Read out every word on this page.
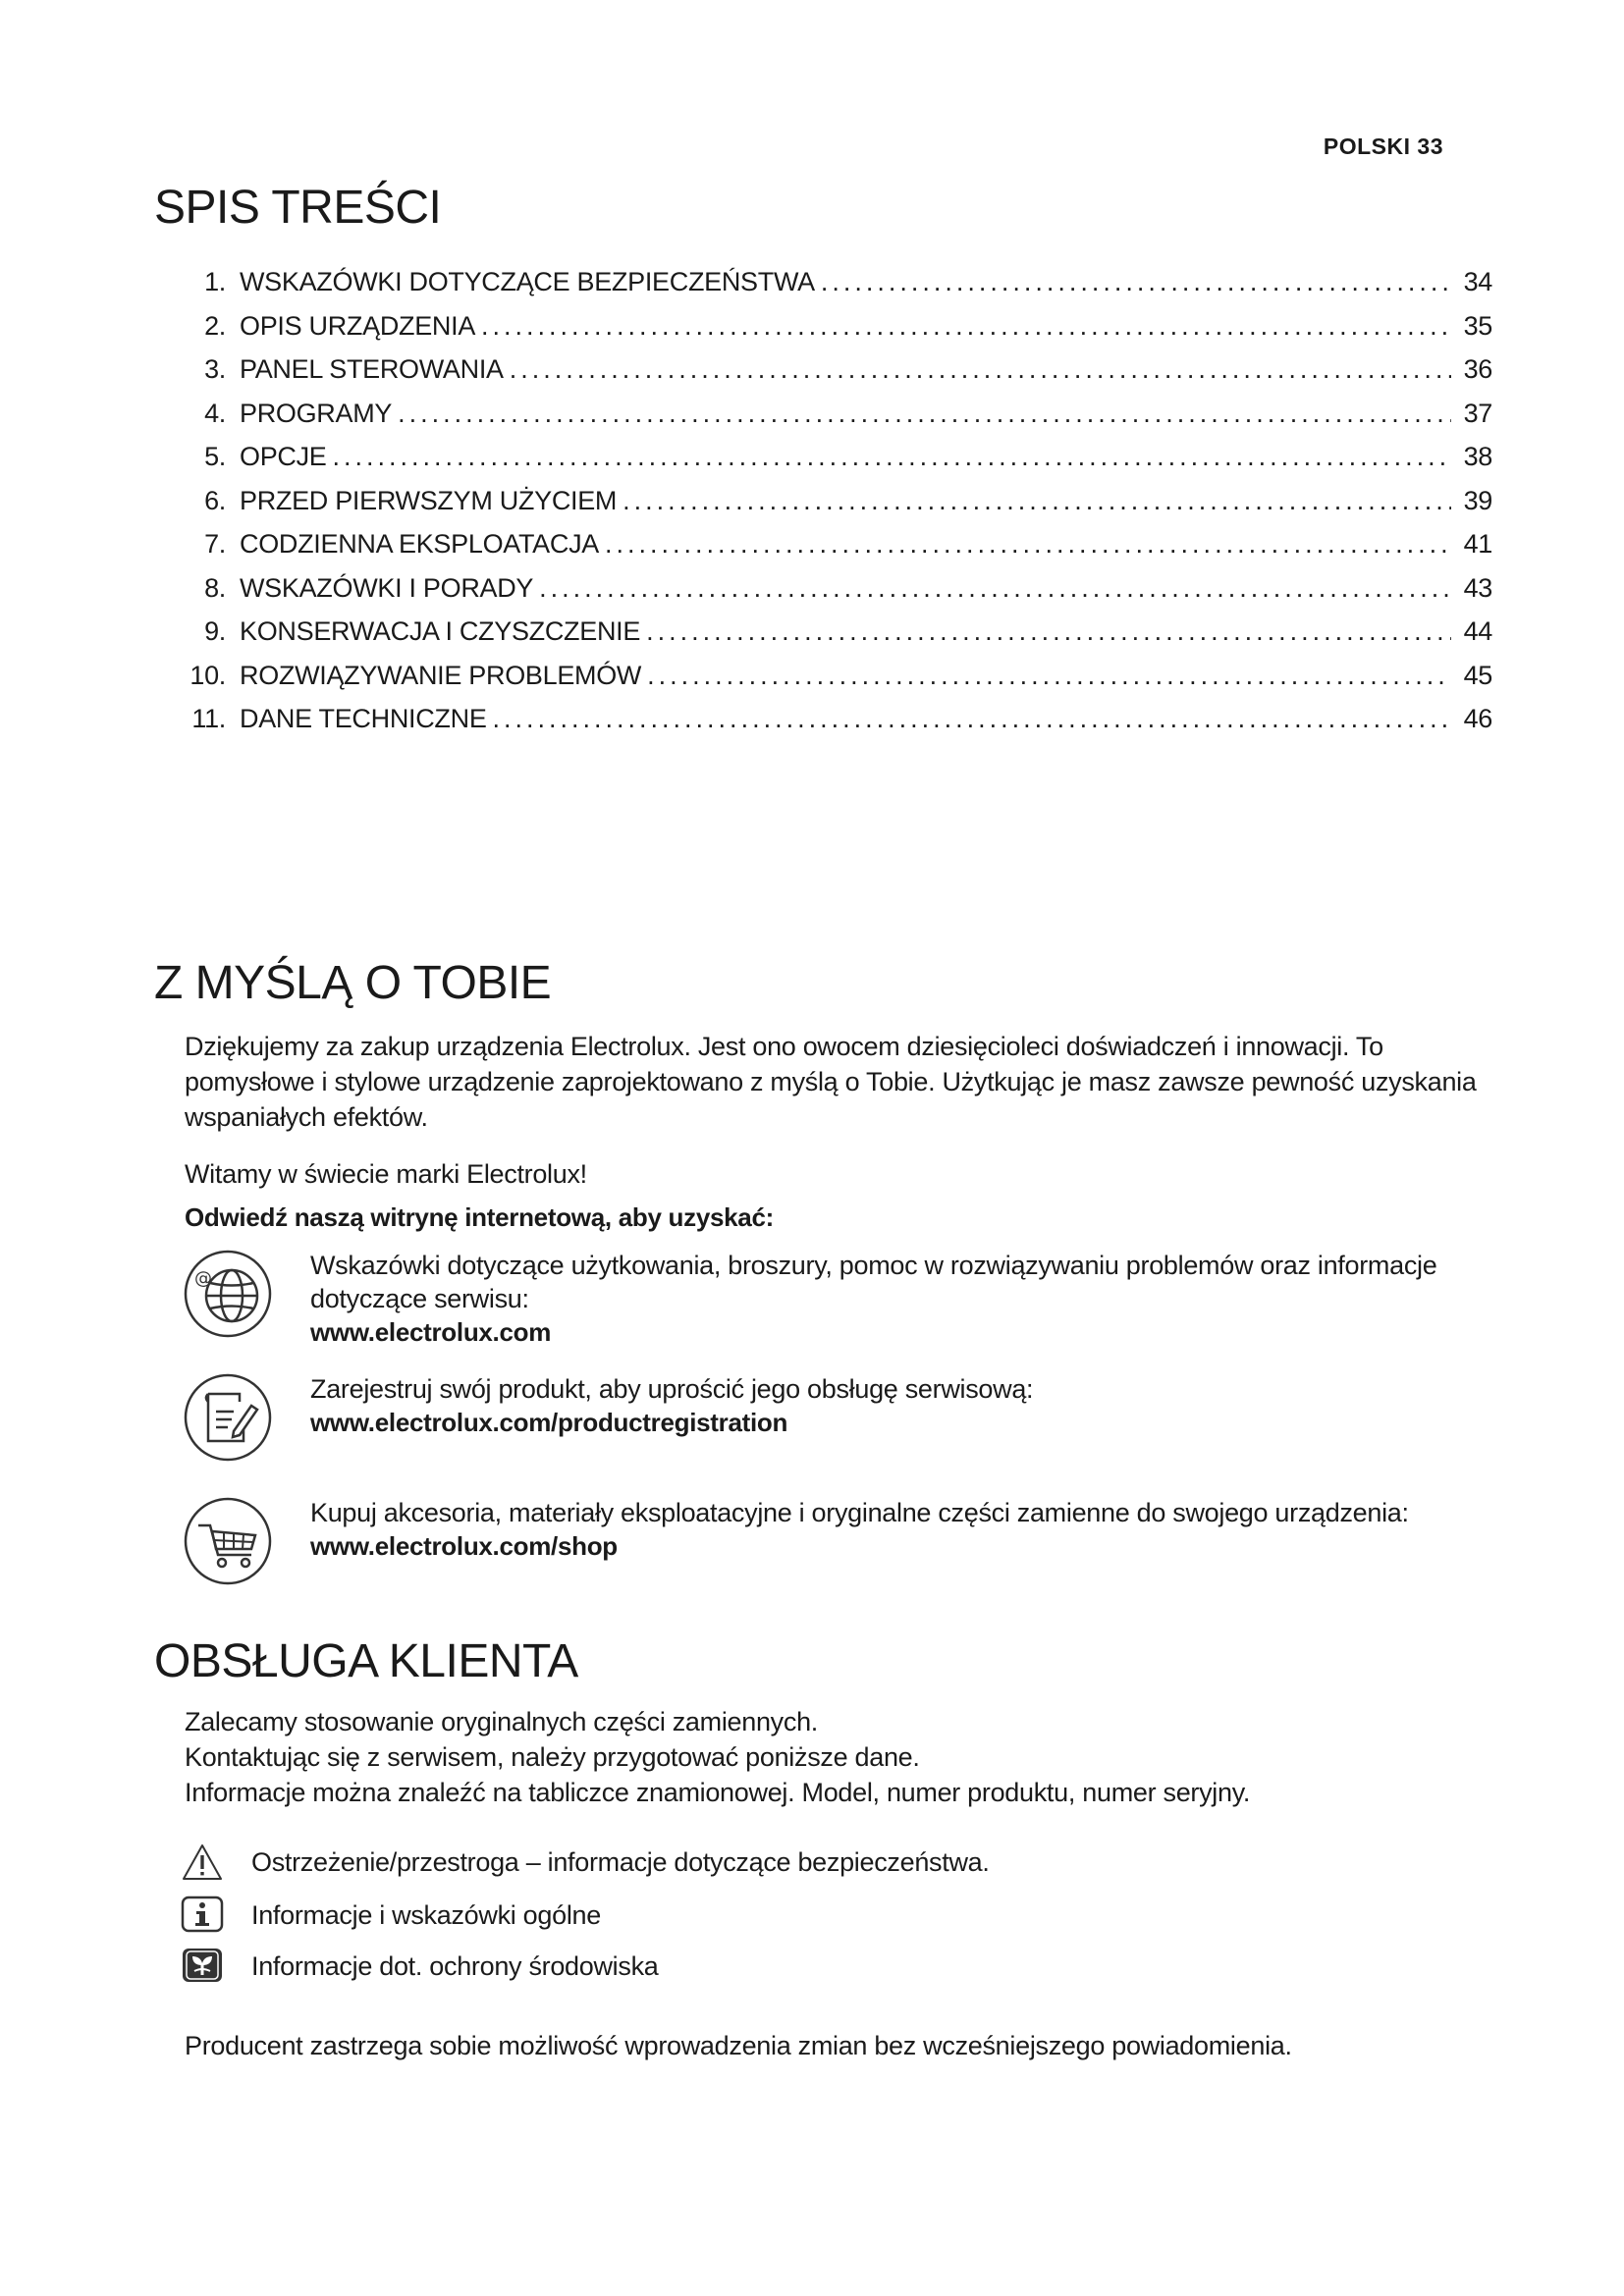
POLSKI 33
SPIS TREŚCI
1. WSKAZÓWKI DOTYCZĄCE BEZPIECZEŃSTWA .....	34
2. OPIS URZĄDZENIA .....	35
3. PANEL STEROWANIA .....	36
4. PROGRAMY .....	37
5. OPCJE .....	38
6. PRZED PIERWSZYM UŻYCIEM .....	39
7. CODZIENNA EKSPLOATACJA .....	41
8. WSKAZÓWKI I PORADY .....	43
9. KONSERWACJA I CZYSZCZENIE .....	44
10. ROZWIĄZYWANIE PROBLEMÓW .....	45
11. DANE TECHNICZNE .....	46
Z MYŚLĄ O TOBIE
Dziękujemy za zakup urządzenia Electrolux. Jest ono owocem dziesięcioleci doświadczeń i innowacji. To pomysłowe i stylowe urządzenie zaprojektowano z myślą o Tobie. Użytkując je masz zawsze pewność uzyskania wspaniałych efektów.
Witamy w świecie marki Electrolux!
Odwiedź naszą witrynę internetową, aby uzyskać:
@	Wskazówki dotyczące użytkowania, broszury, pomoc w rozwiązywaniu problemów oraz informacje dotyczące serwisu:
www.electrolux.com
Zarejestruj swój produkt, aby uprościć jego obsługę serwisową:
www.electrolux.com/productregistration
Kupuj akcesoria, materiały eksploatacyjne i oryginalne części zamienne do swojego urządzenia:
www.electrolux.com/shop
OBSŁUGA KLIENTA
Zalecamy stosowanie oryginalnych części zamiennych.
Kontaktując się z serwisem, należy przygotować poniższe dane.
Informacje można znaleźć na tabliczce znamionowej. Model, numer produktu, numer seryjny.
Ostrzeżenie/przestroga – informacje dotyczące bezpieczeństwa.
Informacje i wskazówki ogólne
Informacje dot. ochrony środowiska
Producent zastrzega sobie możliwość wprowadzenia zmian bez wcześniejszego powiadomienia.
